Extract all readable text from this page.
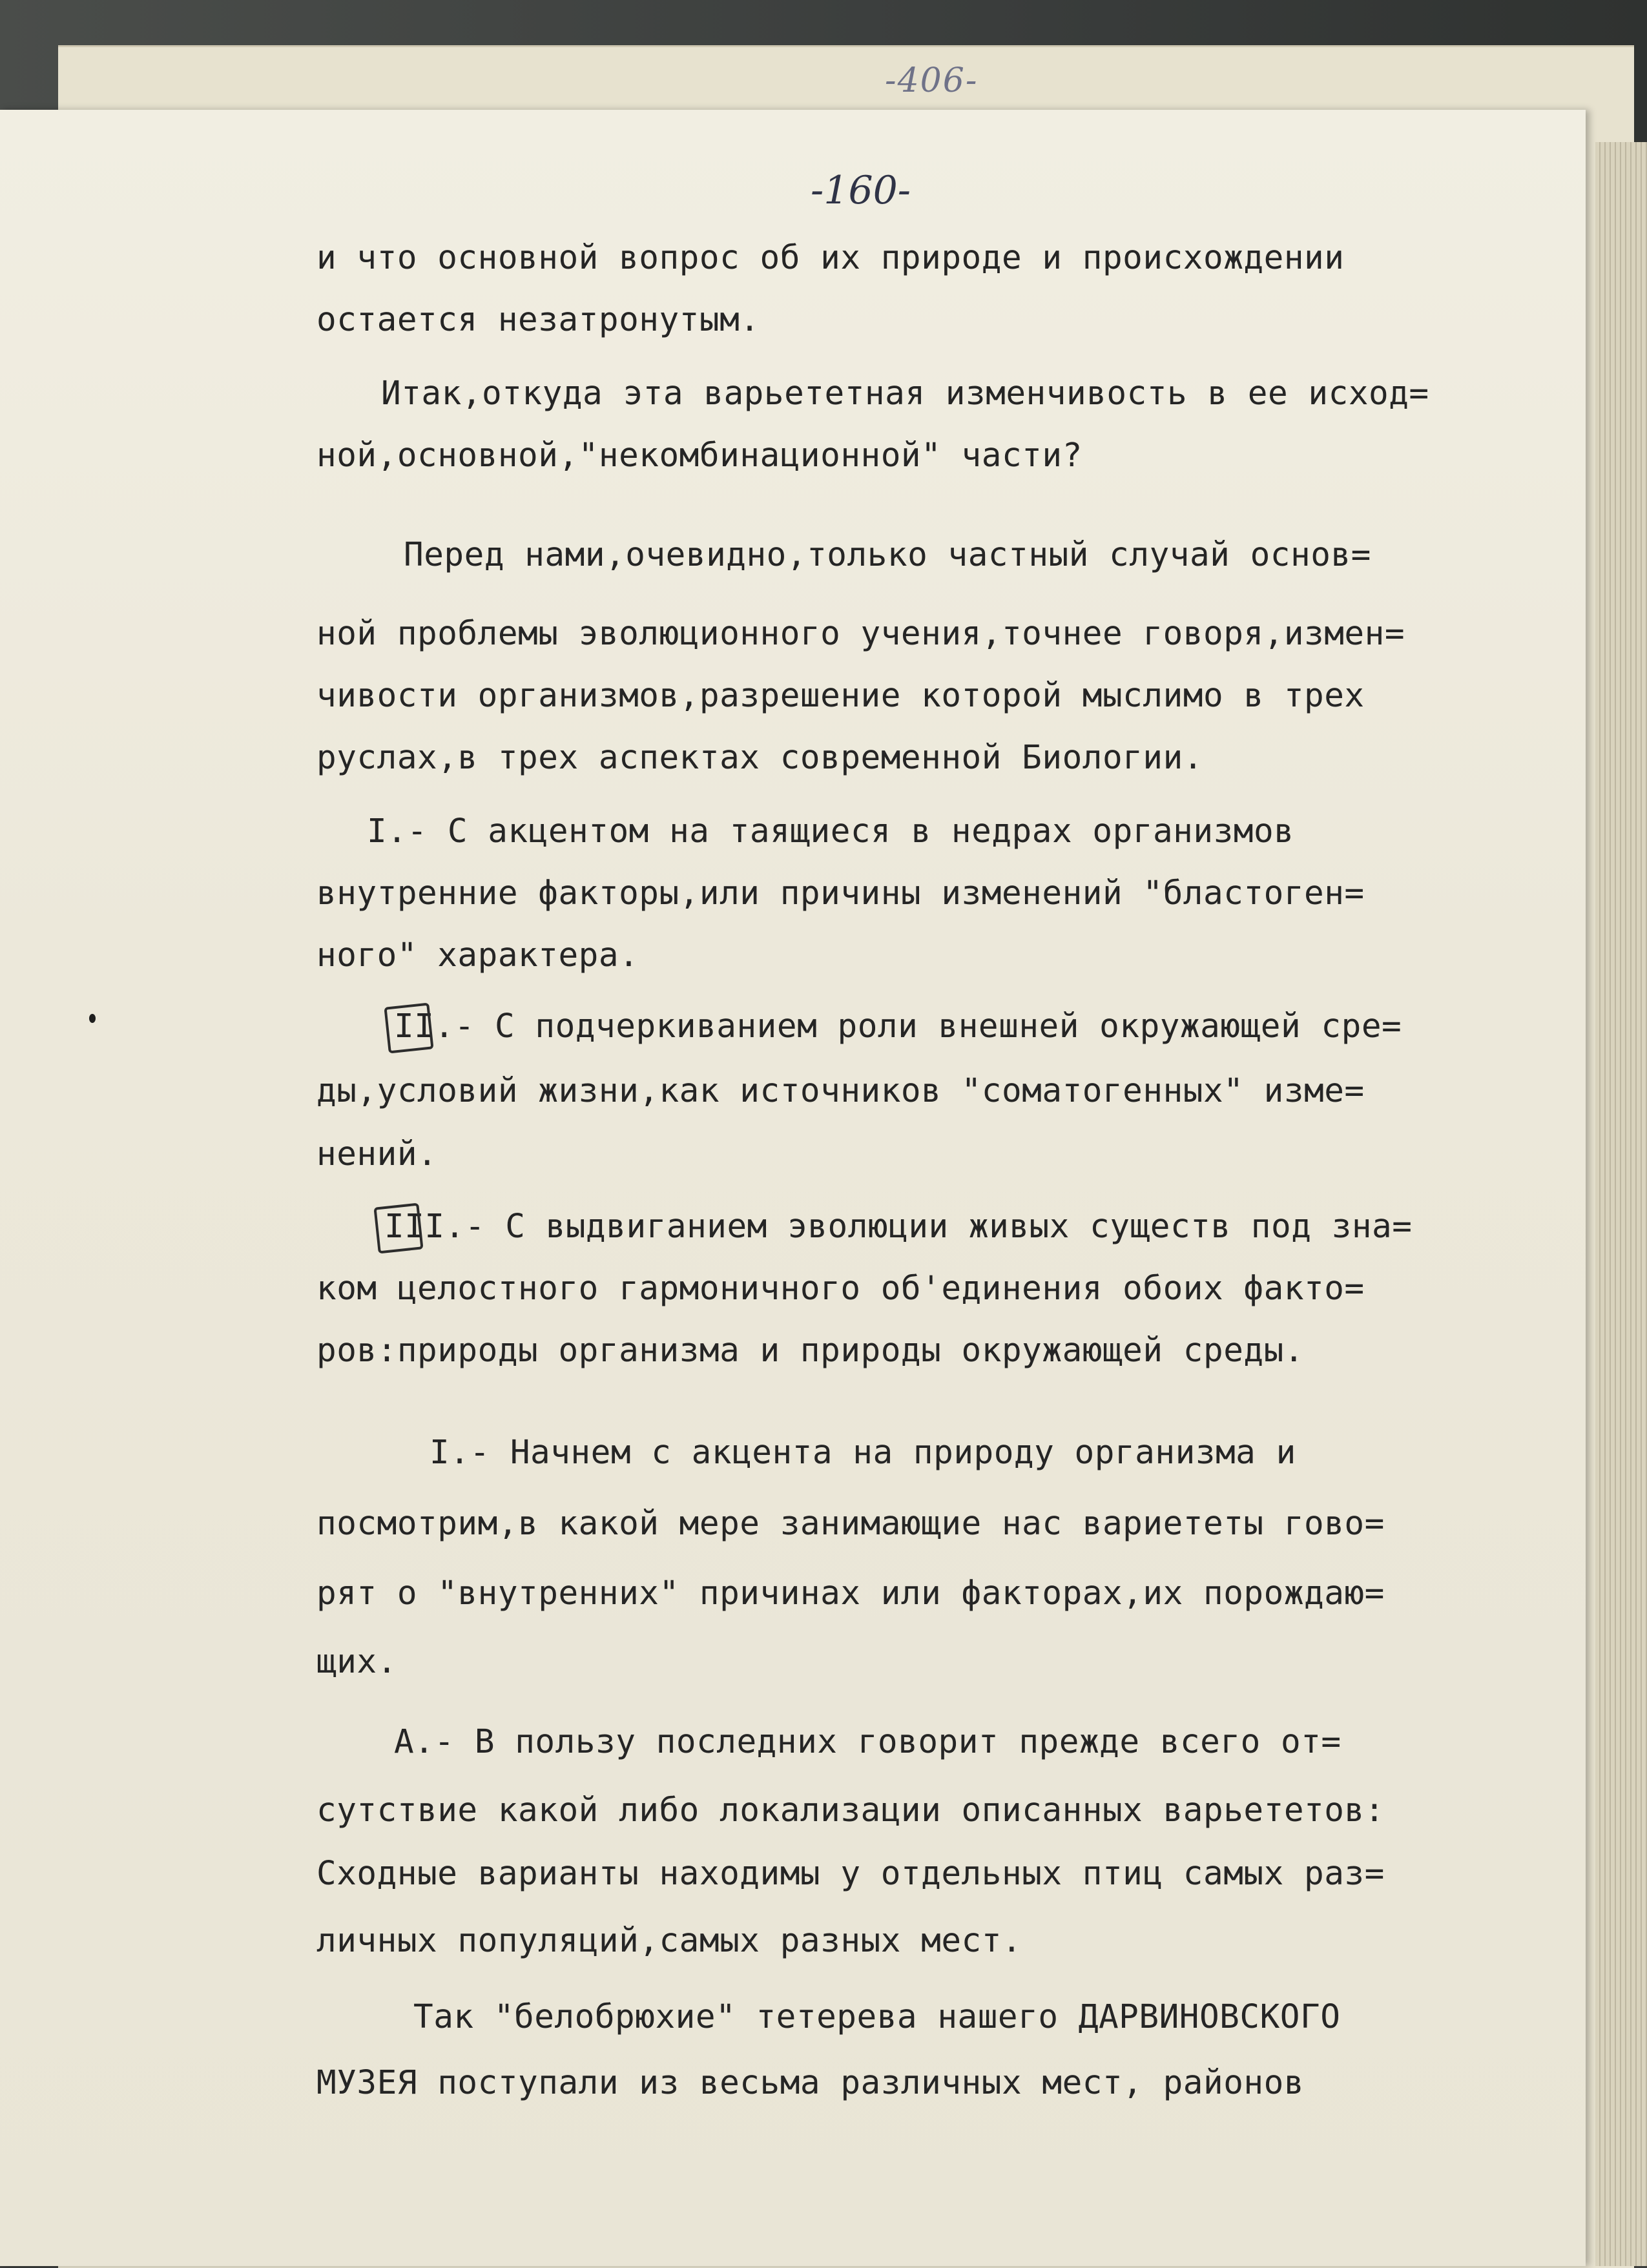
-406-
-160-
и что основной вопрос об их природе и происхождении
остается незатронутым.
Итак,откуда эта варьететная изменчивость в ее исход=
ной,основной,"некомбинационной" части?
Перед нами,очевидно,только частный случай основ=
ной проблемы эволюционного учения,точнее говоря,измен=
чивости организмов,разрешение которой мыслимо в трех
руслах,в трех аспектах современной Биологии.
I.- С акцентом на таящиеся в недрах организмов
внутренние факторы,или причины изменений "бластоген=
ного" характера.
II.- С подчеркиванием роли внешней окружающей сре=
ды,условий жизни,как источников "соматогенных" изме=
нений.
III.- С выдвиганием эволюции живых существ под зна=
ком целостного гармоничного об'единения обоих факто=
ров:природы организма и природы окружающей среды.
I.- Начнем с акцента на природу организма и
посмотрим,в какой мере занимающие нас вариететы гово=
рят о "внутренних" причинах или факторах,их порождаю=
щих.
А.- В пользу последних говорит прежде всего от=
сутствие какой либо локализации описанных варьететов:
Сходные варианты находимы у отдельных птиц самых раз=
личных популяций,самых разных мест.
Так "белобрюхие" тетерева нашего ДАРВИНОВСКОГО
МУЗЕЯ поступали из весьма различных мест, районов
